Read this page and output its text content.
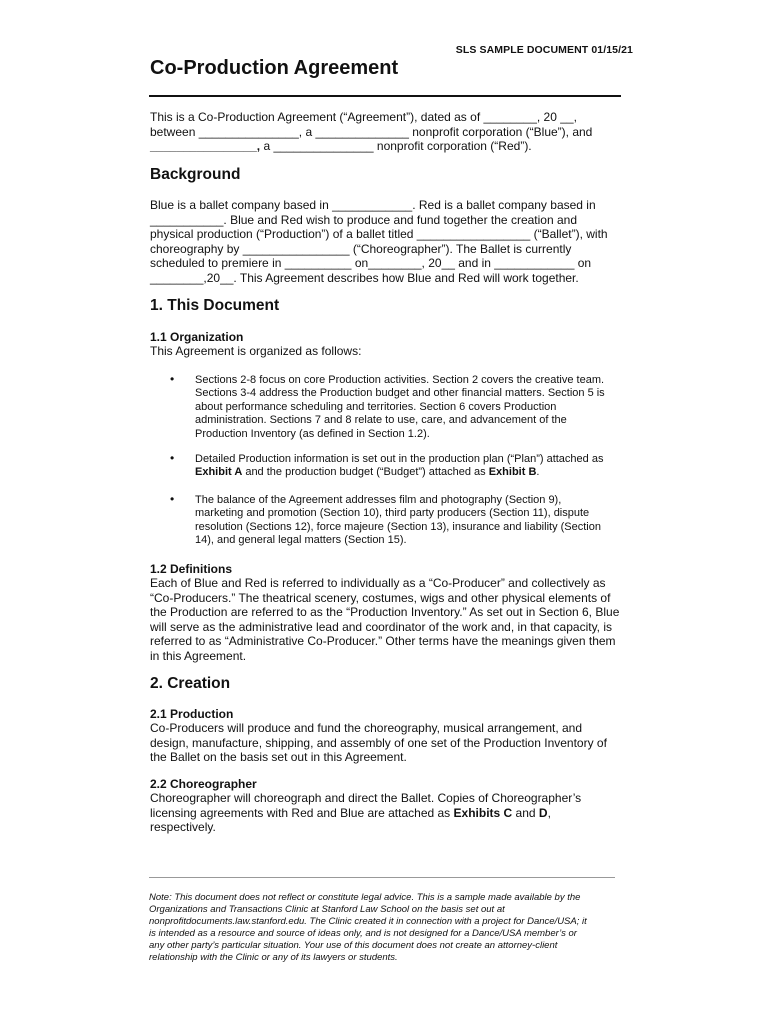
SLS SAMPLE DOCUMENT 01/15/21
Co-Production Agreement

This is a Co-Production Agreement (“Agreement”), dated as of ________, 20 __,

between _______________, a ______________ nonprofit corporation (“Blue”), and

________________, a _______________ nonprofit corporation (“Red”).

Background

Blue is a ballet company based in ____________. Red is a ballet company based in

___________. Blue and Red wish to produce and fund together the creation and

physical production (“Production”) of a ballet titled _________________ (“Ballet”), with

choreography by ________________ (“Choreographer”). The Ballet is currently

scheduled to premiere in __________ on________, 20__ and in ____________ on

________,20__. This Agreement describes how Blue and Red will work together.

1. This Document
1.1 Organization
This Agreement is organized as follows:
• Sections 2-8 focus on core Production activities. Section 2 covers the creative team.
Sections 3-4 address the Production budget and other financial matters. Section 5 is
about performance scheduling and territories. Section 6 covers Production
administration. Sections 7 and 8 relate to use, care, and advancement of the
Production Inventory (as defined in Section 1.2).
• Detailed Production information is set out in the production plan (“Plan”) attached as
Exhibit A and the production budget (“Budget”) attached as Exhibit B.
• The balance of the Agreement addresses film and photography (Section 9),
marketing and promotion (Section 10), third party producers (Section 11), dispute
resolution (Sections 12), force majeure (Section 13), insurance and liability (Section
14), and general legal matters (Section 15).
1.2 Definitions

Each of Blue and Red is referred to individually as a “Co-Producer” and collectively as

“Co-Producers.” The theatrical scenery, costumes, wigs and other physical elements of

the Production are referred to as the “Production Inventory.” As set out in Section 6, Blue

will serve as the administrative lead and coordinator of the work and, in that capacity, is

referred to as “Administrative Co-Producer.” Other terms have the meanings given them

in this Agreement.

2. Creation
2.1 Production

Co-Producers will produce and fund the choreography, musical arrangement, and

design, manufacture, shipping, and assembly of one set of the Production Inventory of

the Ballet on the basis set out in this Agreement.

2.2 Choreographer

Choreographer will choreograph and direct the Ballet. Copies of Choreographer’s

licensing agreements with Red and Blue are attached as Exhibits C and D, respectively.

Note: This document does not reflect or constitute legal advice. This is a sample made available by the
Organizations and Transactions Clinic at Stanford Law School on the basis set out at
nonprofitdocuments.law.stanford.edu. The Clinic created it in connection with a project for Dance/USA; it
is intended as a resource and source of ideas only, and is not designed for a Dance/USA member’s or
any other party’s particular situation. Your use of this document does not create an attorney-client
relationship with the Clinic or any of its lawyers or students.
